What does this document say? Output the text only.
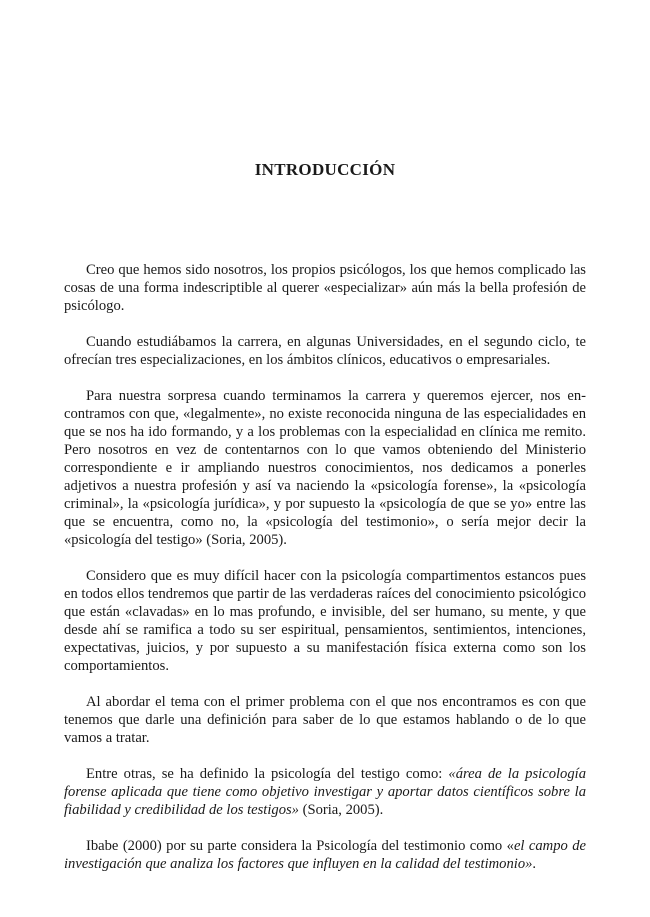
INTRODUCCIÓN

Creo que hemos sido nosotros, los propios psicólogos, los que hemos complicado las cosas de una forma indescriptible al querer «especializar» aún más la bella profesión de psicólogo.

Cuando estudiábamos la carrera, en algunas Universidades, en el segundo ciclo, te ofrecían tres especializaciones, en los ámbitos clínicos, educativos o empresariales.

Para nuestra sorpresa cuando terminamos la carrera y queremos ejercer, nos encontramos con que, «legalmente», no existe reconocida ninguna de las especialidades en que se nos ha ido formando, y a los problemas con la especialidad en clínica me remito. Pero nosotros en vez de contentarnos con lo que vamos obteniendo del Ministerio correspondiente e ir ampliando nuestros conocimientos, nos dedicamos a ponerles adjetivos a nuestra profesión y así va naciendo la «psicología forense», la «psicología criminal», la «psicología jurídica», y por supuesto la «psicología de que se yo» entre las que se encuentra, como no, la «psicología del testimonio», o sería mejor decir la «psicología del testigo» (Soria, 2005).

Considero que es muy difícil hacer con la psicología compartimentos estancos pues en todos ellos tendremos que partir de las verdaderas raíces del conocimiento psicológico que están «clavadas» en lo mas profundo, e invisible, del ser humano, su mente, y que desde ahí se ramifica a todo su ser espiritual, pensamientos, sentimientos, intenciones, expectativas, juicios, y por supuesto a su manifestación física externa como son los comportamientos.

Al abordar el tema con el primer problema con el que nos encontramos es con que tenemos que darle una definición para saber de lo que estamos hablando o de lo que vamos a tratar.

Entre otras, se ha definido la psicología del testigo como: «área de la psicología forense aplicada que tiene como objetivo investigar y aportar datos científicos sobre la fiabilidad y credibilidad de los testigos» (Soria, 2005).

Ibabe (2000) por su parte considera la Psicología del testimonio como «el campo de investigación que analiza los factores que influyen en la calidad del testimonio».
